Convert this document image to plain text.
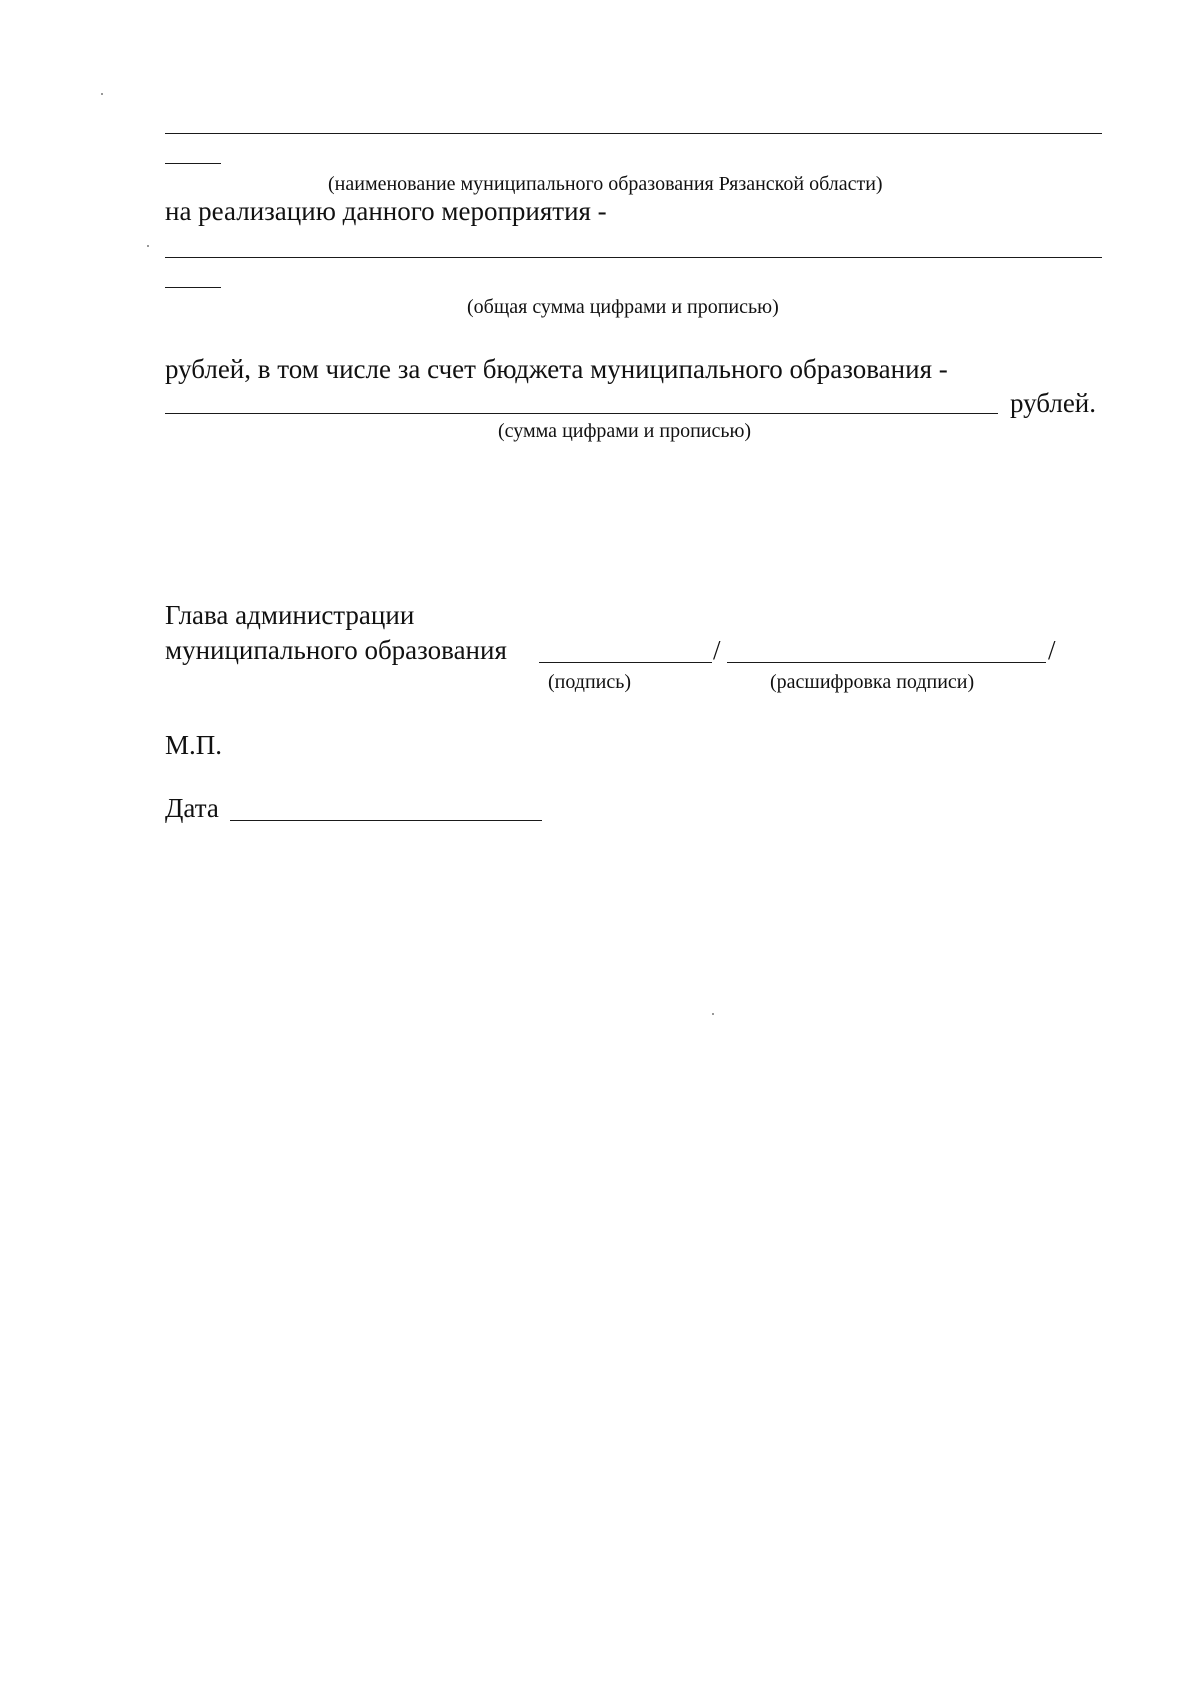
(наименование муниципального образования Рязанской области)
на реализацию данного мероприятия -
(общая сумма цифрами и прописью)
рублей, в том числе за счет бюджета муниципального образования -
рублей.
(сумма цифрами и прописью)
Глава администрации
муниципального образования	/	/
(подпись)	(расшифровка подписи)
М.П.
Дата
